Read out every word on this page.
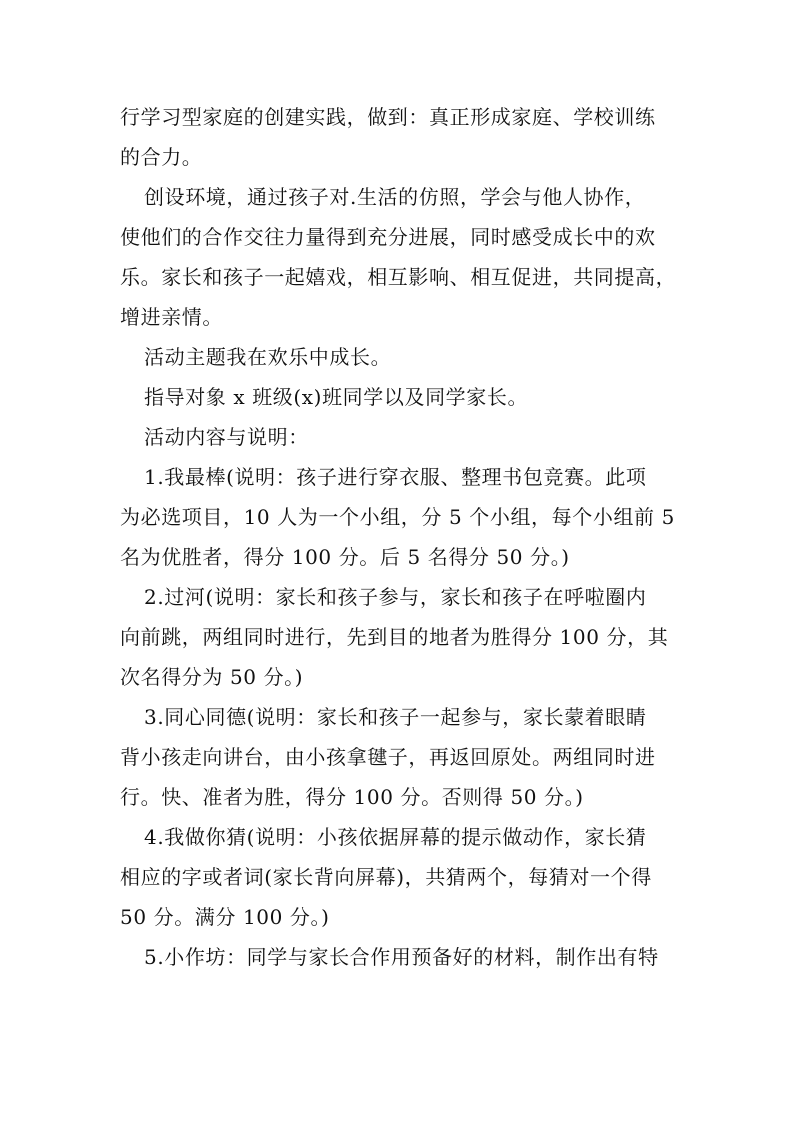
行学习型家庭的创建实践，做到：真正形成家庭、学校训练
的合力。
创设环境，通过孩子对.生活的仿照，学会与他人协作，
使他们的合作交往力量得到充分进展，同时感受成长中的欢
乐。家长和孩子一起嬉戏，相互影响、相互促进，共同提高，
增进亲情。
活动主题我在欢乐中成长。
指导对象 x 班级(x)班同学以及同学家长。
活动内容与说明：
1.我最棒(说明：孩子进行穿衣服、整理书包竞赛。此项
为必选项目，10 人为一个小组，分 5 个小组，每个小组前 5
名为优胜者，得分 100 分。后 5 名得分 50 分。)
2.过河(说明：家长和孩子参与，家长和孩子在呼啦圈内
向前跳，两组同时进行，先到目的地者为胜得分 100 分，其
次名得分为 50 分。)
3.同心同德(说明：家长和孩子一起参与，家长蒙着眼睛
背小孩走向讲台，由小孩拿毽子，再返回原处。两组同时进
行。快、准者为胜，得分 100 分。否则得 50 分。)
4.我做你猜(说明：小孩依据屏幕的提示做动作，家长猜
相应的字或者词(家长背向屏幕)，共猜两个，每猜对一个得
50 分。满分 100 分。)
5.小作坊：同学与家长合作用预备好的材料，制作出有特
